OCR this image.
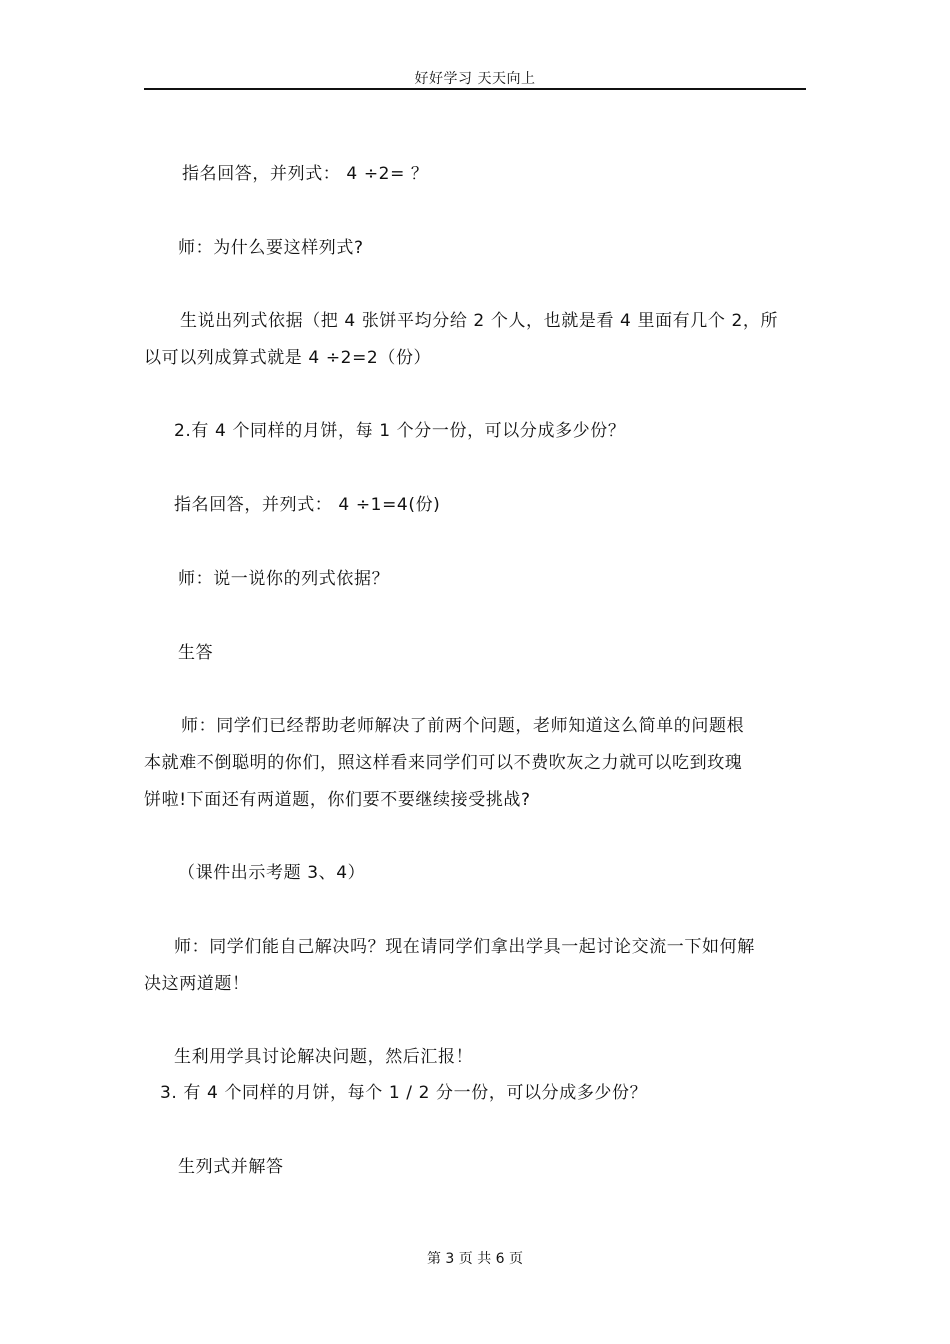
好好学习 天天向上
指名回答，并列式： 4 ÷2= ？
师：为什么要这样列式?
生说出列式依据（把 4 张饼平均分给 2 个人，也就是看 4 里面有几个 2，所
以可以列成算式就是 4 ÷2=2（份）
2.有 4 个同样的月饼，每 1 个分一份，可以分成多少份？
指名回答，并列式： 4 ÷1=4(份)
师：说一说你的列式依据？
生答
师：同学们已经帮助老师解决了前两个问题，老师知道这么简单的问题根
本就难不倒聪明的你们，照这样看来同学们可以不费吹灰之力就可以吃到玫瑰
饼啦!下面还有两道题，你们要不要继续接受挑战?
（课件出示考题 3、4）
师：同学们能自己解决吗？现在请同学们拿出学具一起讨论交流一下如何解
决这两道题！
生利用学具讨论解决问题，然后汇报！
3. 有 4 个同样的月饼，每个 1 / 2 分一份，可以分成多少份？
生列式并解答
第 3 页 共 6 页
